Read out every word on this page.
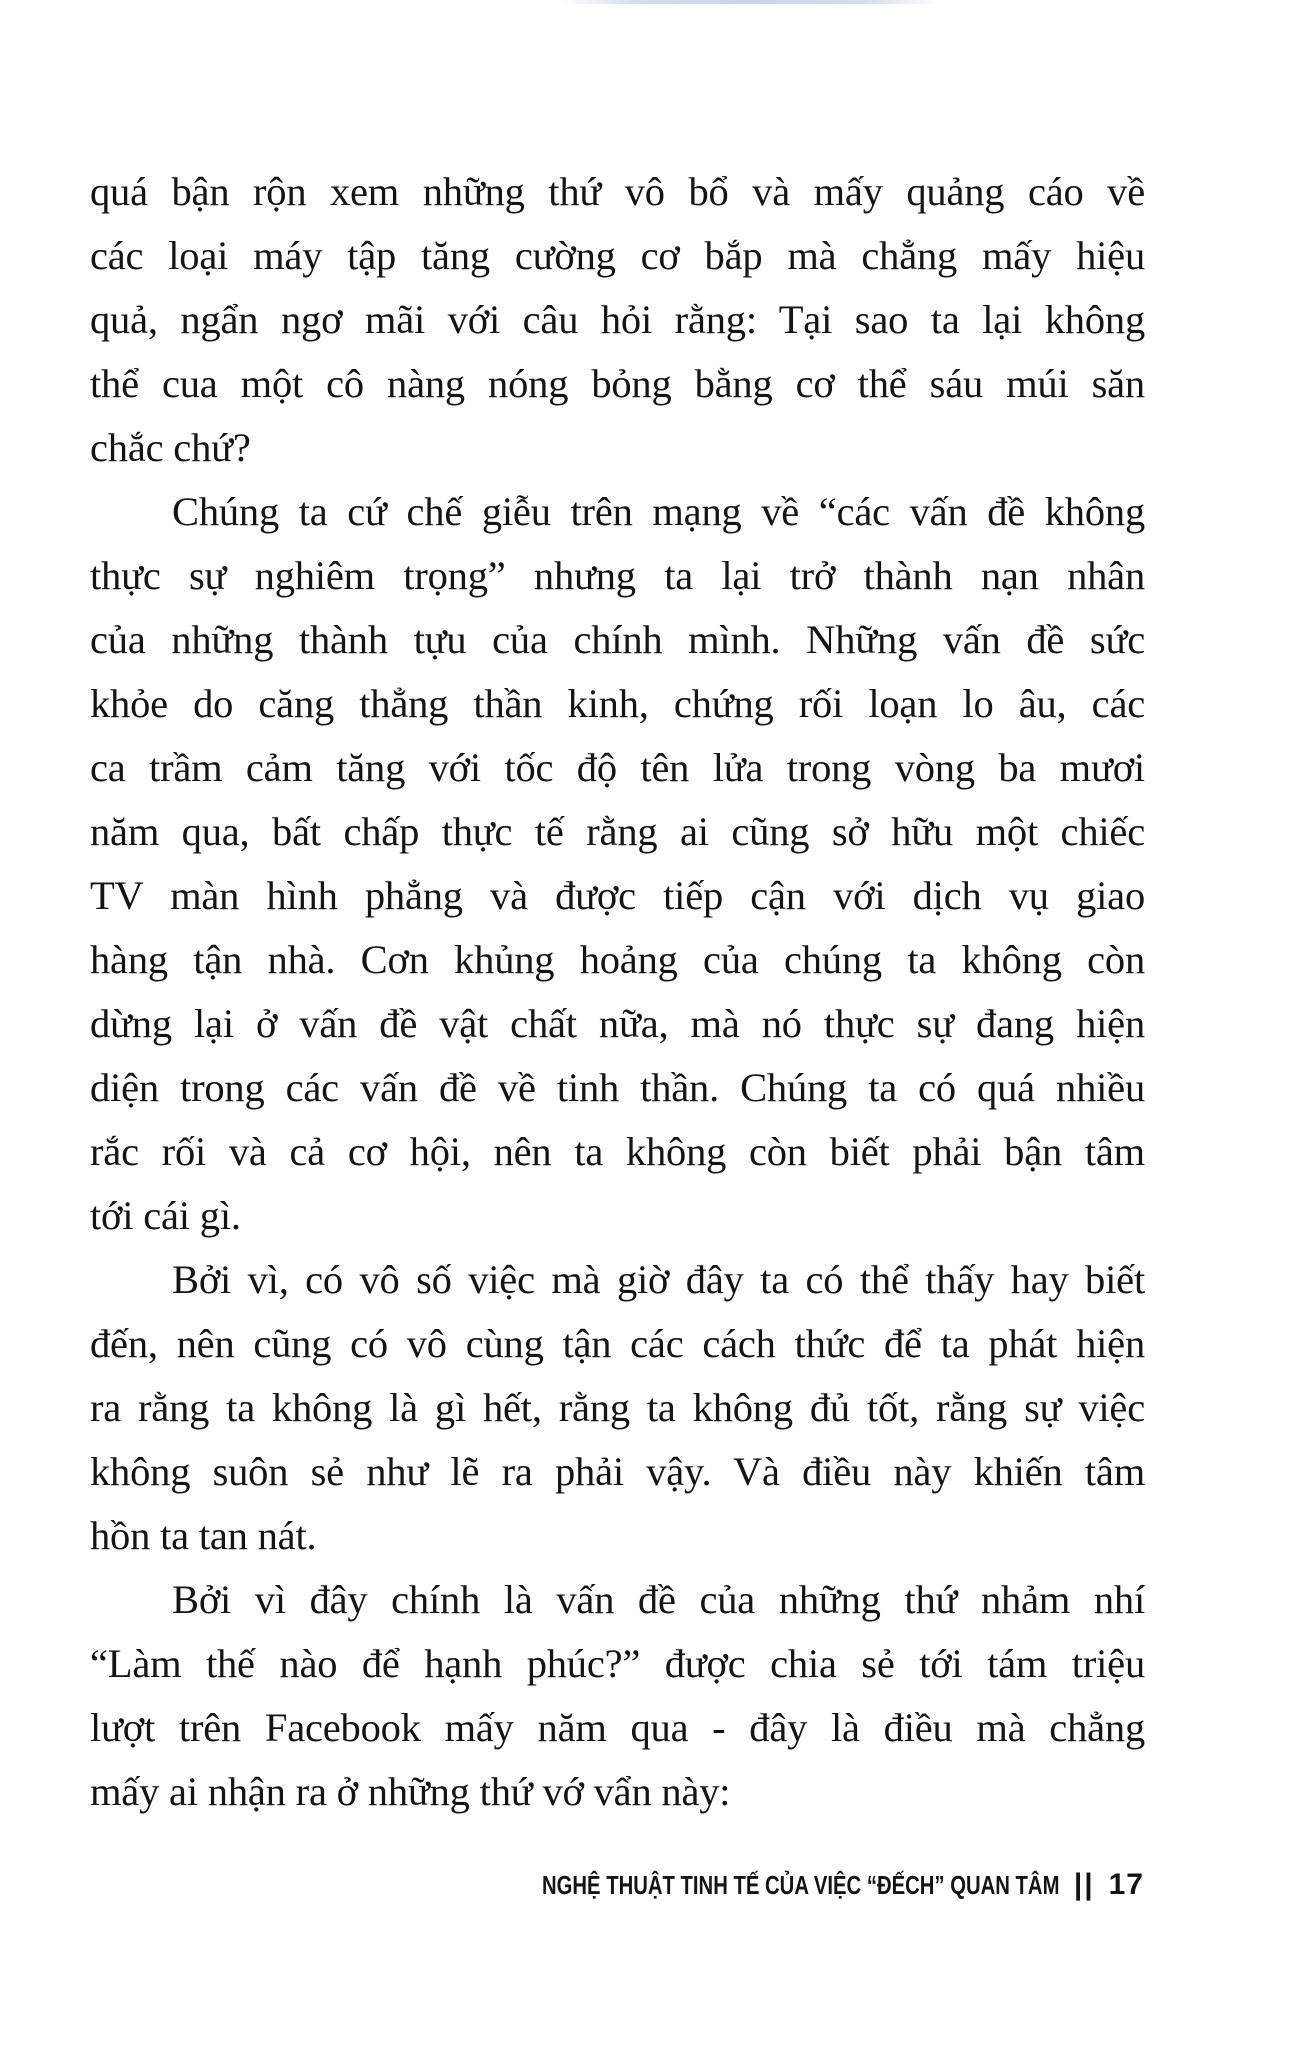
quá bận rộn xem những thứ vô bổ và mấy quảng cáo về
các loại máy tập tăng cường cơ bắp mà chẳng mấy hiệu
quả, ngẩn ngơ mãi với câu hỏi rằng: Tại sao ta lại không
thể cua một cô nàng nóng bỏng bằng cơ thể sáu múi săn
chắc chứ?

Chúng ta cứ chế giễu trên mạng về “các vấn đề không
thực sự nghiêm trọng” nhưng ta lại trở thành nạn nhân
của những thành tựu của chính mình. Những vấn đề sức
khỏe do căng thẳng thần kinh, chứng rối loạn lo âu, các
ca trầm cảm tăng với tốc độ tên lửa trong vòng ba mươi
năm qua, bất chấp thực tế rằng ai cũng sở hữu một chiếc
TV màn hình phẳng và được tiếp cận với dịch vụ giao
hàng tận nhà. Cơn khủng hoảng của chúng ta không còn
dừng lại ở vấn đề vật chất nữa, mà nó thực sự đang hiện
diện trong các vấn đề về tinh thần. Chúng ta có quá nhiều
rắc rối và cả cơ hội, nên ta không còn biết phải bận tâm
tới cái gì.

Bởi vì, có vô số việc mà giờ đây ta có thể thấy hay biết
đến, nên cũng có vô cùng tận các cách thức để ta phát hiện
ra rằng ta không là gì hết, rằng ta không đủ tốt, rằng sự việc
không suôn sẻ như lẽ ra phải vậy. Và điều này khiến tâm
hồn ta tan nát.

Bởi vì đây chính là vấn đề của những thứ nhảm nhí
“Làm thế nào để hạnh phúc?” được chia sẻ tới tám triệu
lượt trên Facebook mấy năm qua - đây là điều mà chẳng
mấy ai nhận ra ở những thứ vớ vẩn này:

NGHỆ THUẬT TINH TẾ CỦA VIỆC “ĐẾCH” QUAN TÂM || 17
